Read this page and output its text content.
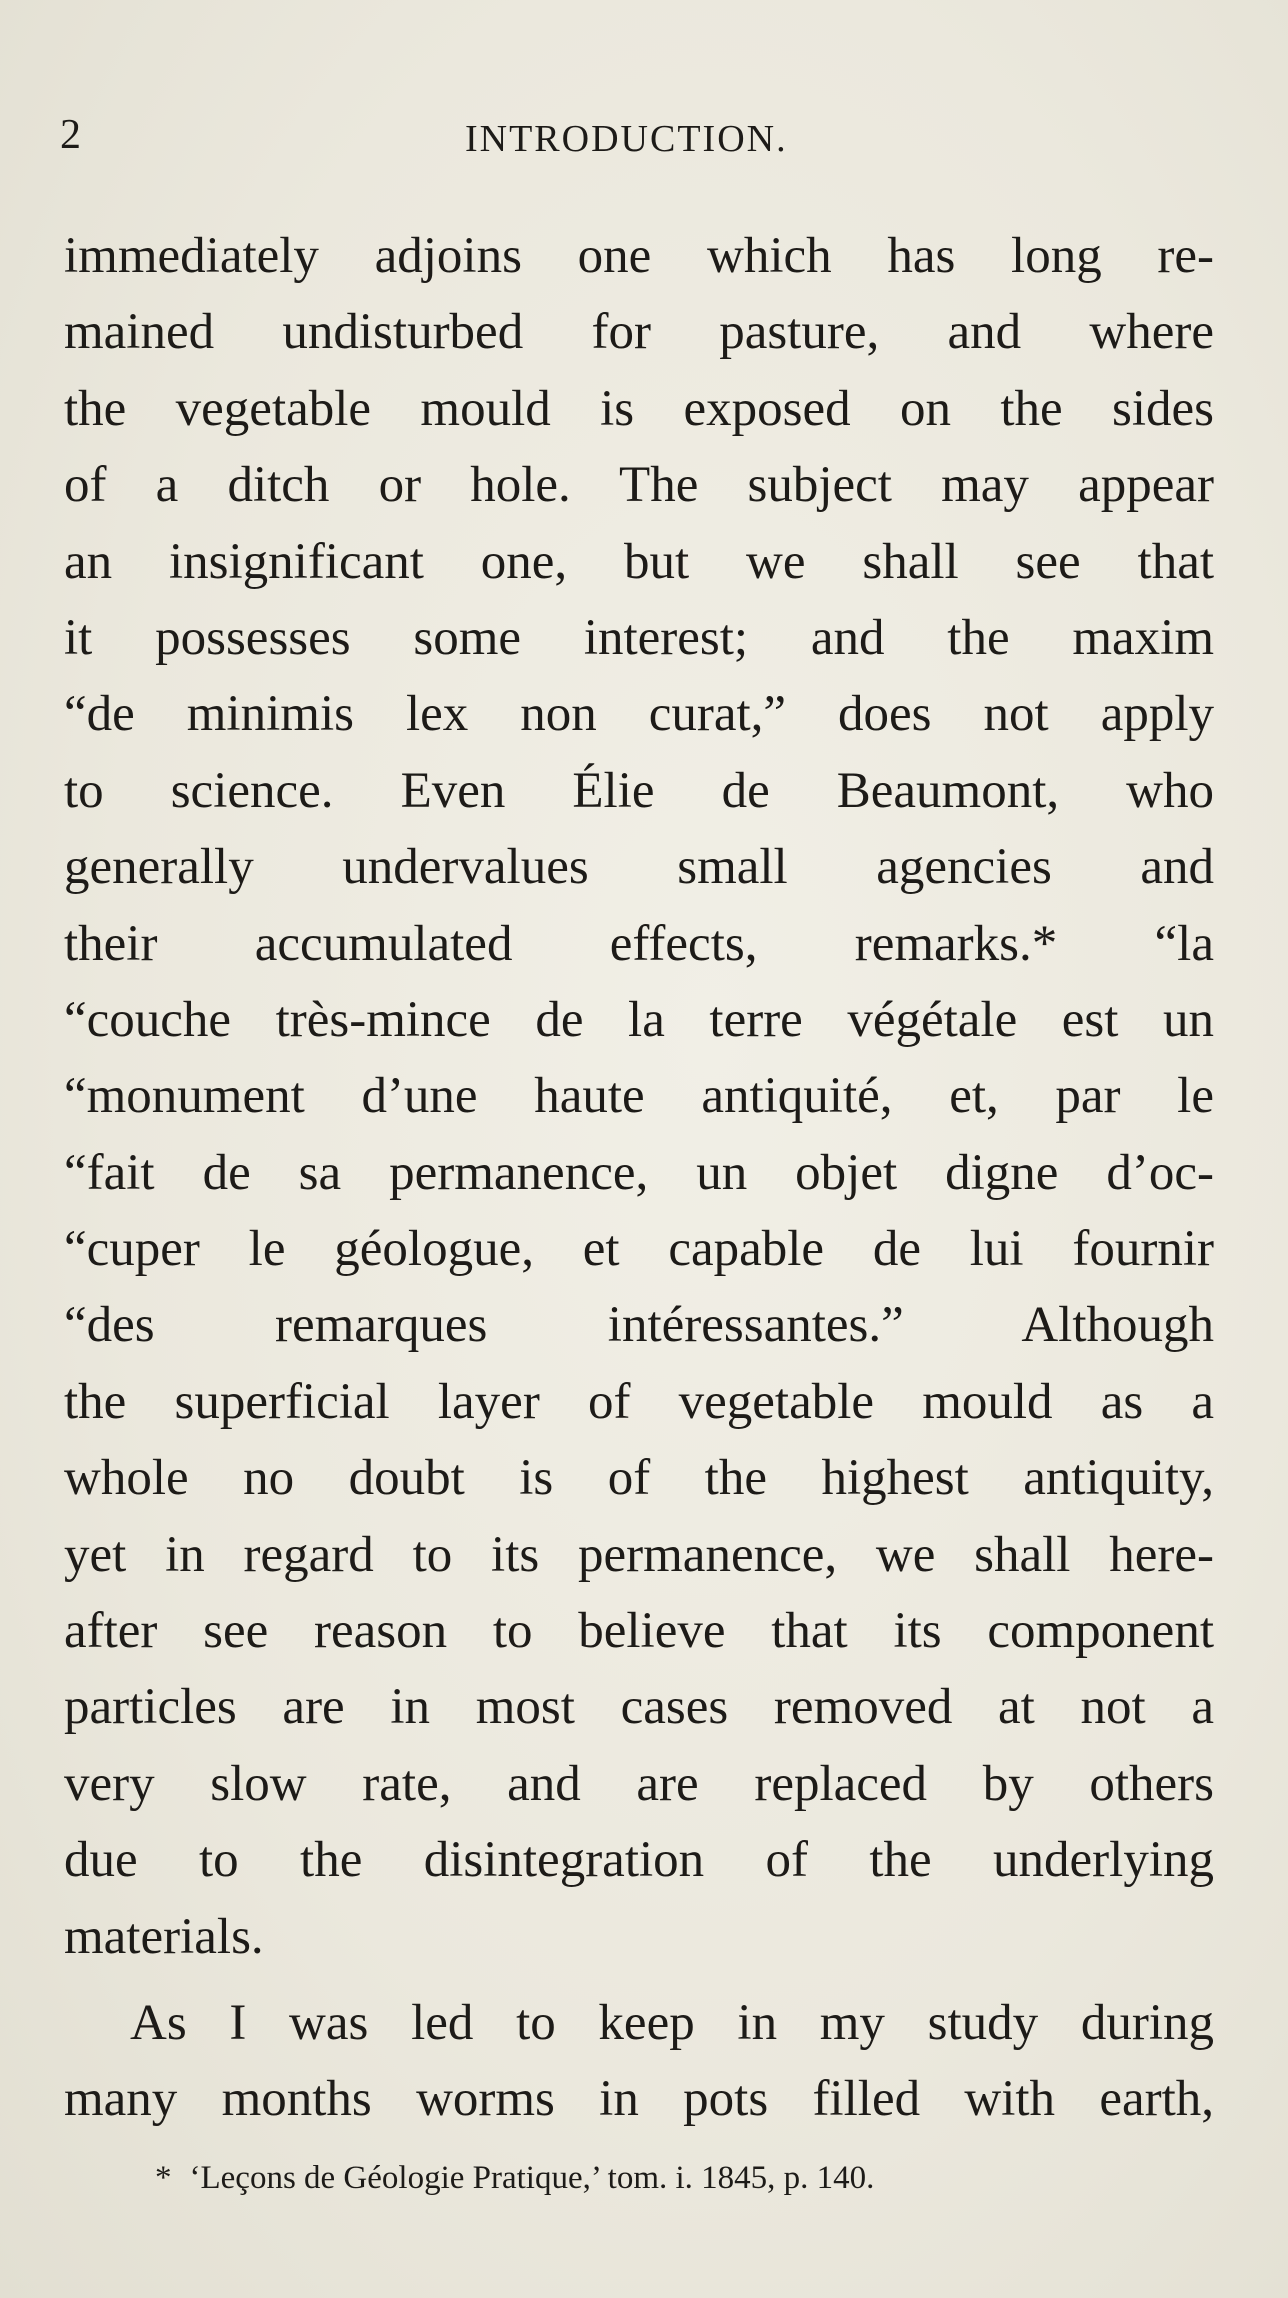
2	INTRODUCTION.
immediately adjoins one which has long re-
mained undisturbed for pasture, and where
the vegetable mould is exposed on the sides
of a ditch or hole. The subject may appear
an insignificant one, but we shall see that
it possesses some interest; and the maxim
“de minimis lex non curat,” does not apply
to science. Even Élie de Beaumont, who
generally undervalues small agencies and
their accumulated effects, remarks.* “la
“couche très-mince de la terre végétale est un
“monument d’une haute antiquité, et, par le
“fait de sa permanence, un objet digne d’oc-
“cuper le géologue, et capable de lui fournir
“des remarques intéressantes.” Although
the superficial layer of vegetable mould as a
whole no doubt is of the highest antiquity,
yet in regard to its permanence, we shall here-
after see reason to believe that its component
particles are in most cases removed at not a
very slow rate, and are replaced by others
due to the disintegration of the underlying
materials.
As I was led to keep in my study during
many months worms in pots filled with earth,
* ‘Leçons de Géologie Pratique,’ tom. i. 1845, p. 140.
